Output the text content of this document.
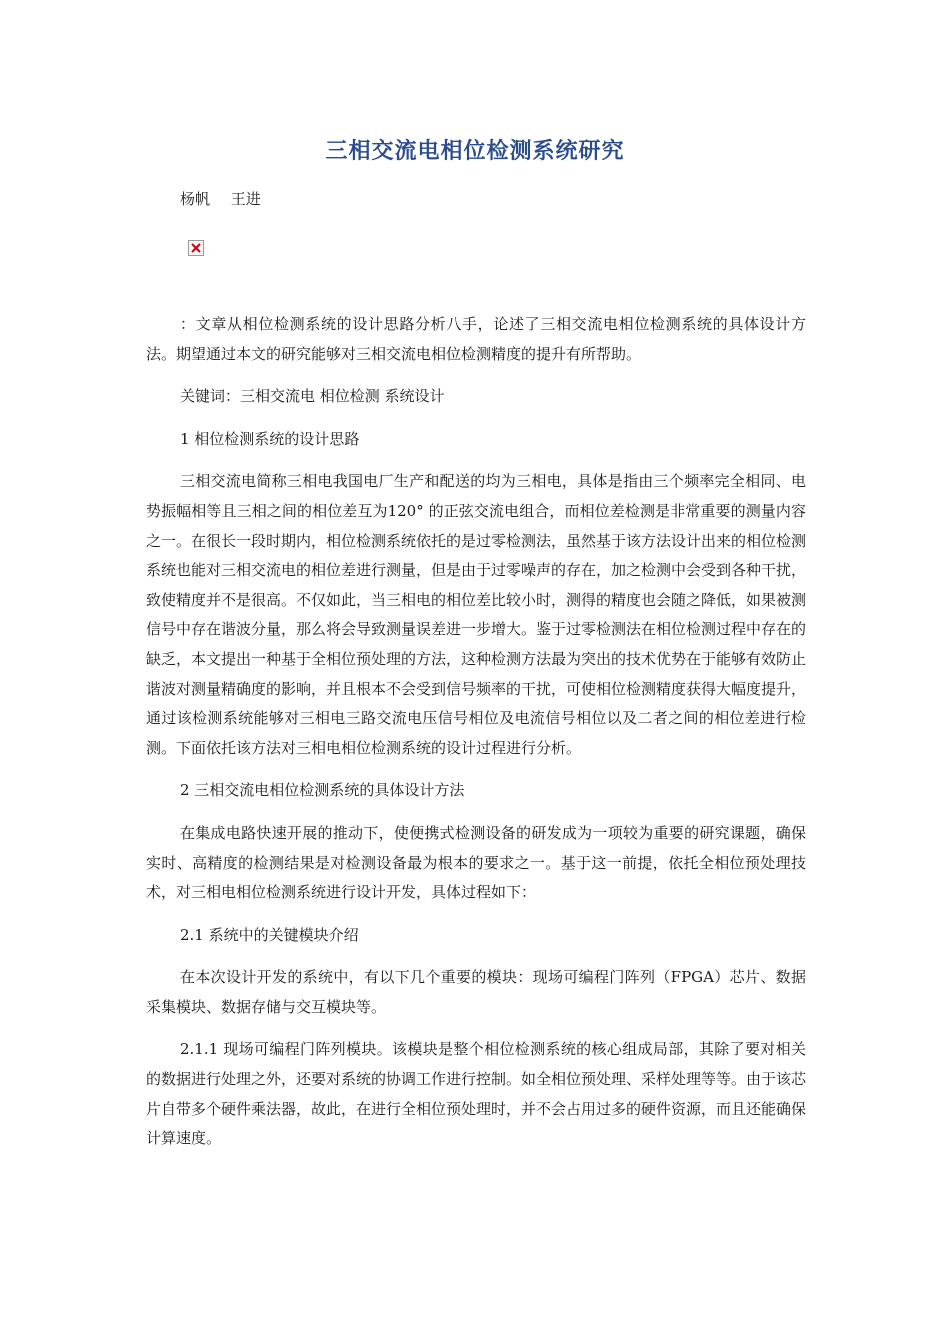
三相交流电相位检测系统研究
杨帆 王进

：文章从相位检测系统的设计思路分析八手，论述了三相交流电相位检测系统的具体设计方法。期望通过本文的研究能够对三相交流电相位检测精度的提升有所帮助。

关键词：三相交流电 相位检测 系统设计

1 相位检测系统的设计思路

三相交流电简称三相电我国电厂生产和配送的均为三相电，具体是指由三个频率完全相同、电势振幅相等且三相之间的相位差互为120° 的正弦交流电组合，而相位差检测是非常重要的测量内容之一。在很长一段时期内，相位检测系统依托的是过零检测法，虽然基于该方法设计出来的相位检测系统也能对三相交流电的相位差进行测量，但是由于过零噪声的存在，加之检测中会受到各种干扰，致使精度并不是很高。不仅如此，当三相电的相位差比较小时，测得的精度也会随之降低，如果被测信号中存在谐波分量，那么将会导致测量误差进一步增大。鉴于过零检测法在相位检测过程中存在的缺乏，本文提出一种基于全相位预处理的方法，这种检测方法最为突出的技术优势在于能够有效防止谐波对测量精确度的影响，并且根本不会受到信号频率的干扰，可使相位检测精度获得大幅度提升，通过该检测系统能够对三相电三路交流电压信号相位及电流信号相位以及二者之间的相位差进行检测。下面依托该方法对三相电相位检测系统的设计过程进行分析。

2 三相交流电相位检测系统的具体设计方法

在集成电路快速开展的推动下，使便携式检测设备的研发成为一项较为重要的研究课题，确保实时、高精度的检测结果是对检测设备最为根本的要求之一。基于这一前提，依托全相位预处理技术，对三相电相位检测系统进行设计开发，具体过程如下：

2.1 系统中的关键模块介绍

在本次设计开发的系统中，有以下几个重要的模块：现场可编程门阵列（FPGA）芯片、数据采集模块、数据存储与交互模块等。

2.1.1 现场可编程门阵列模块。该模块是整个相位检测系统的核心组成局部，其除了要对相关的数据进行处理之外，还要对系统的协调工作进行控制。如全相位预处理、采样处理等等。由于该芯片自带多个硬件乘法器，故此，在进行全相位预处理时，并不会占用过多的硬件资源，而且还能确保计算速度。
